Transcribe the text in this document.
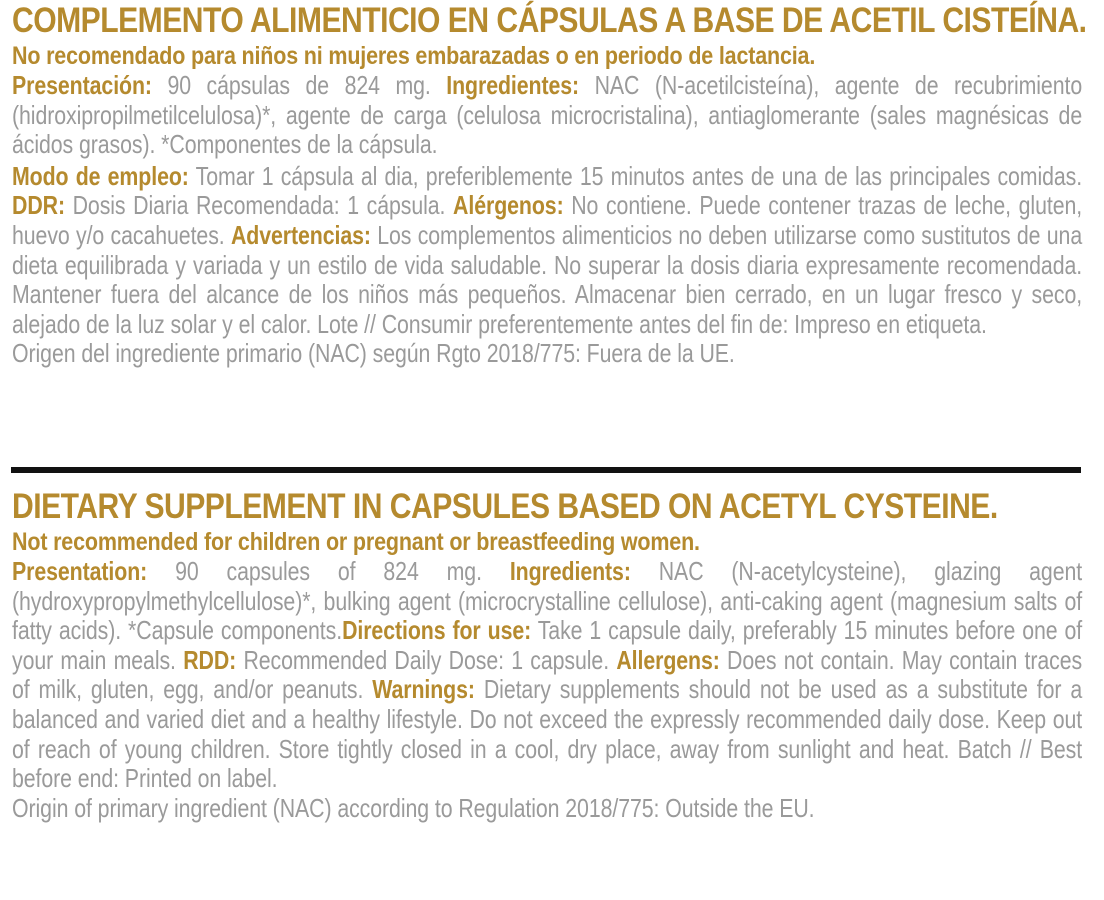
COMPLEMENTO ALIMENTICIO EN CÁPSULAS A BASE DE ACETIL CISTEÍNA.
No recomendado para niños ni mujeres embarazadas o en periodo de lactancia.

Presentación: 90 cápsulas de 824 mg. Ingredientes: NAC (N-acetilcisteína), agente de recubrimiento (hidroxipropilmetilcelulosa)*, agente de carga (celulosa microcristalina), antiaglomerante (sales magnésicas de ácidos grasos). *Componentes de la cápsula.

Modo de empleo: Tomar 1 cápsula al dia, preferiblemente 15 minutos antes de una de las principales comidas. DDR: Dosis Diaria Recomendada: 1 cápsula. Alérgenos: No contiene. Puede contener trazas de leche, gluten, huevo y/o cacahuetes. Advertencias: Los complementos alimenticios no deben utilizarse como sustitutos de una dieta equilibrada y variada y un estilo de vida saludable. No superar la dosis diaria expresamente recomendada. Mantener fuera del alcance de los niños más pequeños. Almacenar bien cerrado, en un lugar fresco y seco, alejado de la luz solar y el calor. Lote // Consumir preferentemente antes del fin de: Impreso en etiqueta.
Origen del ingrediente primario (NAC) según Rgto 2018/775: Fuera de la UE.

DIETARY SUPPLEMENT IN CAPSULES BASED ON ACETYL CYSTEINE.
Not recommended for children or pregnant or breastfeeding women.

Presentation: 90 capsules of 824 mg. Ingredients: NAC (N-acetylcysteine), glazing agent (hydroxypropylmethylcellulose)*, bulking agent (microcrystalline cellulose), anti-caking agent (magnesium salts of fatty acids). *Capsule components.Directions for use: Take 1 capsule daily, preferably 15 minutes before one of your main meals. RDD: Recommended Daily Dose: 1 capsule. Allergens: Does not contain. May contain traces of milk, gluten, egg, and/or peanuts. Warnings: Dietary supplements should not be used as a substitute for a balanced and varied diet and a healthy lifestyle. Do not exceed the expressly recommended daily dose. Keep out of reach of young children. Store tightly closed in a cool, dry place, away from sunlight and heat. Batch // Best before end: Printed on label.
Origin of primary ingredient (NAC) according to Regulation 2018/775: Outside the EU.
